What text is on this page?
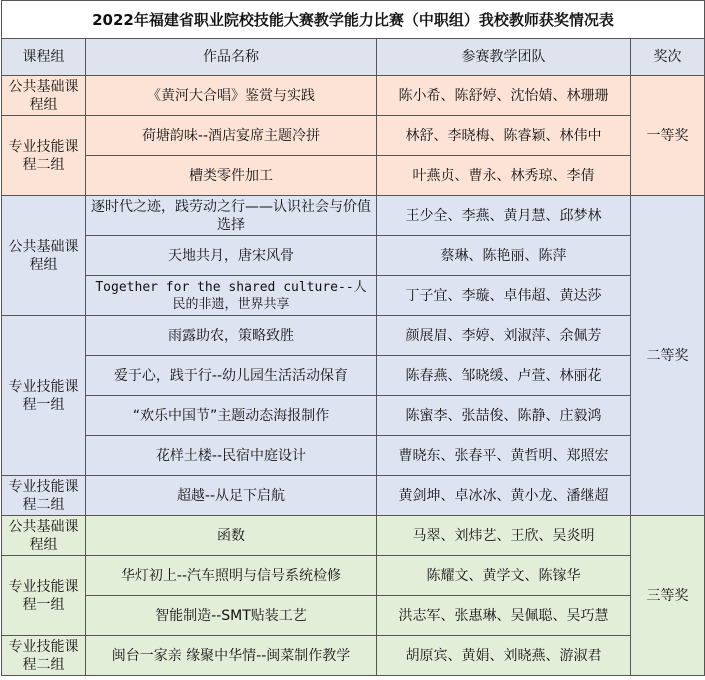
2022年福建省职业院校技能大赛教学能力比赛（中职组）我校教师获奖情况表			
课程组	作品名称	参赛教学团队	奖次
公共基础课程组	《黄河大合唱》鉴赏与实践	陈小希、陈舒婷、沈怡婧、林珊珊	一等奖
专业技能课程二组	荷塘韵味--酒店宴席主题冷拼	林舒、李晓梅、陈睿颖、林伟中	
	槽类零件加工	叶燕贞、曹永、林秀琼、李倩	
公共基础课程组	逐时代之迹，践劳动之行——认识社会与价值选择	王少全、李燕、黄月慧、邱梦林	二等奖
	天地共月，唐宋风骨	蔡琳、陈艳丽、陈萍	
	Together for the shared culture--人民的非遗，世界共享	丁子宜、李璇、卓伟超、黄达莎	
专业技能课程一组	雨露助农，策略致胜	颜展眉、李婷、刘淑萍、余佩芳	
	爱于心，践于行--幼儿园生活活动保育	陈春燕、邹晓缓、卢萱、林丽花	
	“欢乐中国节”主题动态海报制作	陈蜜李、张喆俊、陈静、庄毅鸿	
	花样土楼--民宿中庭设计	曹晓东、张春平、黄哲明、郑照宏	
专业技能课程二组	超越--从足下启航	黄剑坤、卓冰冰、黄小龙、潘继超	
公共基础课程组	函数	马翠、刘炜艺、王欣、吴炎明	三等奖
专业技能课程一组	华灯初上--汽车照明与信号系统检修	陈耀文、黄学文、陈镓华	
	智能制造--SMT贴装工艺	洪志军、张惠琳、吴佩聪、吴巧慧	
专业技能课程二组	闽台一家亲 缘聚中华情--闽菜制作教学	胡原宾、黄娟、刘晓燕、游淑君	
